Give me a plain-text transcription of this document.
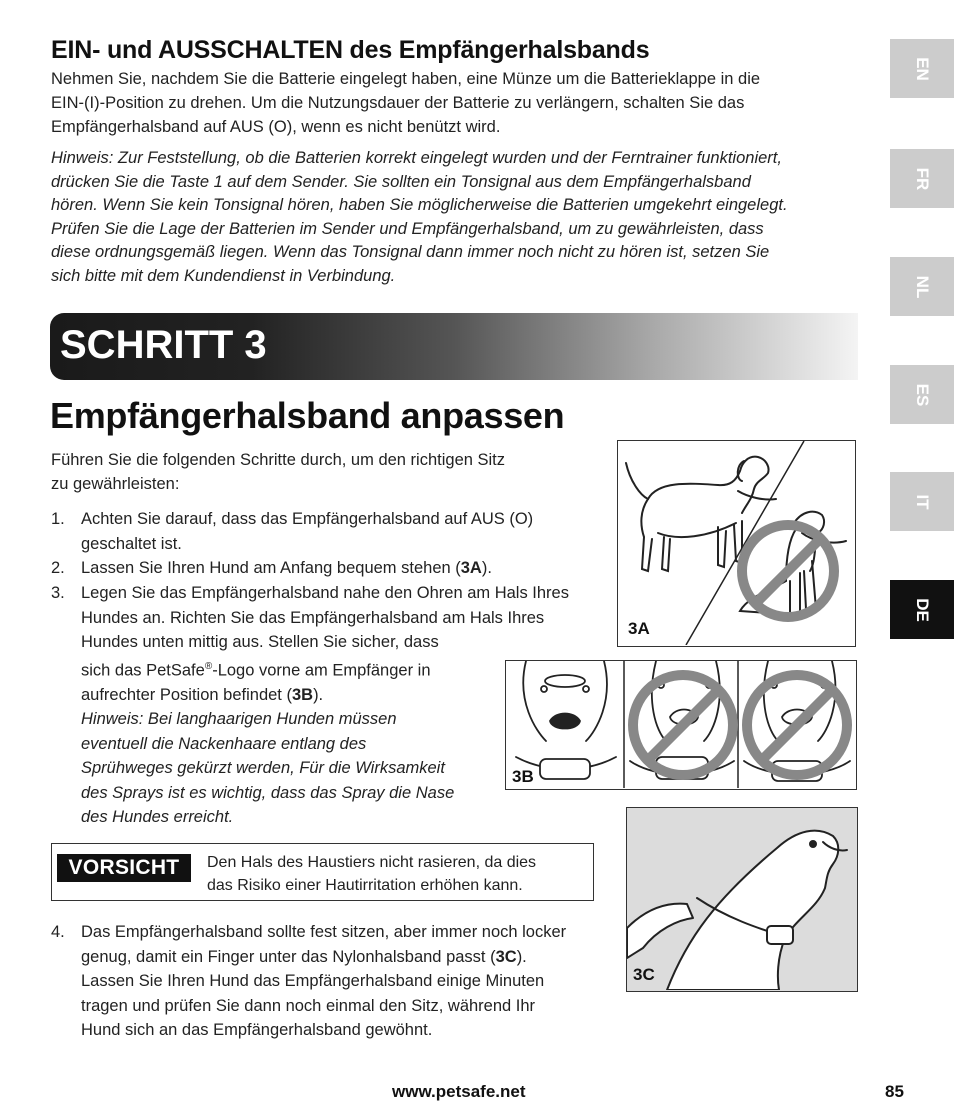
EIN- und AUSSCHALTEN des Empfängerhalsbands
Nehmen Sie, nachdem Sie die Batterie eingelegt haben, eine Münze um die Batterieklappe in die
EIN-(I)-Position zu drehen. Um die Nutzungsdauer der Batterie zu verlängern, schalten Sie das
Empfängerhalsband auf AUS (O), wenn es nicht benützt wird.
Hinweis: Zur Feststellung, ob die Batterien korrekt eingelegt wurden und der Ferntrainer funktioniert,
drücken Sie die Taste 1 auf dem Sender. Sie sollten ein Tonsignal aus dem Empfängerhalsband
hören. Wenn Sie kein Tonsignal hören, haben Sie möglicherweise die Batterien umgekehrt eingelegt.
Prüfen Sie die Lage der Batterien im Sender und Empfängerhalsband, um zu gewährleisten, dass
diese ordnungsgemäß liegen. Wenn das Tonsignal dann immer noch nicht zu hören ist, setzen Sie
sich bitte mit dem Kundendienst in Verbindung.
SCHRITT 3
Empfängerhalsband anpassen
Führen Sie die folgenden Schritte durch, um den richtigen Sitz
zu gewährleisten:
1. Achten Sie darauf, dass das Empfängerhalsband auf AUS (O)
geschaltet ist.
2. Lassen Sie Ihren Hund am Anfang bequem stehen (3A).
3. Legen Sie das Empfängerhalsband nahe den Ohren am Hals Ihres
Hundes an. Richten Sie das Empfängerhalsband am Hals Ihres
Hundes unten mittig aus. Stellen Sie sicher, dass
sich das PetSafe®-Logo vorne am Empfänger in
aufrechter Position befindet (3B).
Hinweis: Bei langhaarigen Hunden müssen
eventuell die Nackenhaare entlang des
Sprühweges gekürzt werden, Für die Wirksamkeit
des Sprays ist es wichtig, dass das Spray die Nase
des Hundes erreicht.
VORSICHT	Den Hals des Haustiers nicht rasieren, da dies
das Risiko einer Hautirritation erhöhen kann.
4. Das Empfängerhalsband sollte fest sitzen, aber immer noch locker
genug, damit ein Finger unter das Nylonhalsband passt (3C).
Lassen Sie Ihren Hund das Empfängerhalsband einige Minuten
tragen und prüfen Sie dann noch einmal den Sitz, während Ihr
Hund sich an das Empfängerhalsband gewöhnt.
3A
3B
3C
EN
FR
NL
ES
IT
DE
www.petsafe.net	85
